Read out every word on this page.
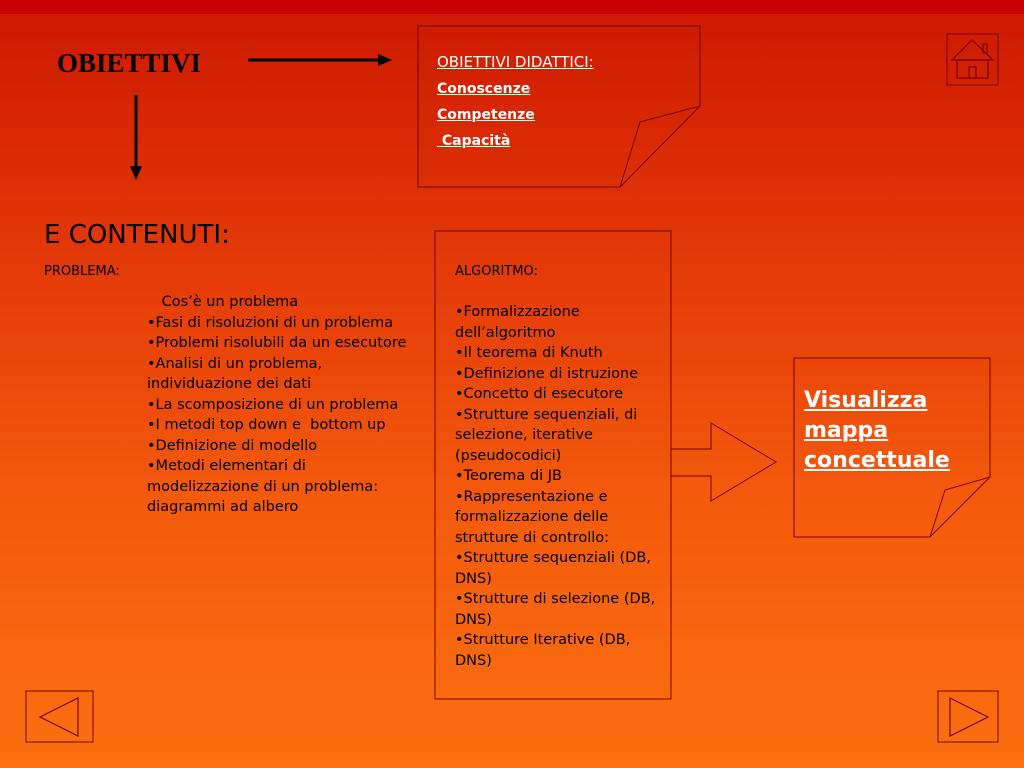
OBIETTIVI
E CONTENUTI:
OBIETTIVI DIDATTICI:
Conoscenze
Competenze
Capacità
PROBLEMA:
Cos’è un problema
•Fasi di risoluzioni di un problema
•Problemi risolubili da un esecutore
•Analisi di un problema, individuazione dei dati
•La scomposizione di un problema
•I metodi top down e  bottom up
•Definizione di modello
•Metodi elementari di modelizzazione di un problema: diagrammi ad albero
ALGORITMO:
•Formalizzazione dell’algoritmo
•Il teorema di Knuth
•Definizione di istruzione
•Concetto di esecutore
•Strutture sequenziali, di selezione, iterative (pseudocodici)
•Teorema di JB
•Rappresentazione e formalizzazione delle strutture di controllo:
•Strutture sequenziali (DB, DNS)
•Strutture di selezione (DB, DNS)
•Strutture Iterative (DB, DNS)
Visualizza mappa concettuale
